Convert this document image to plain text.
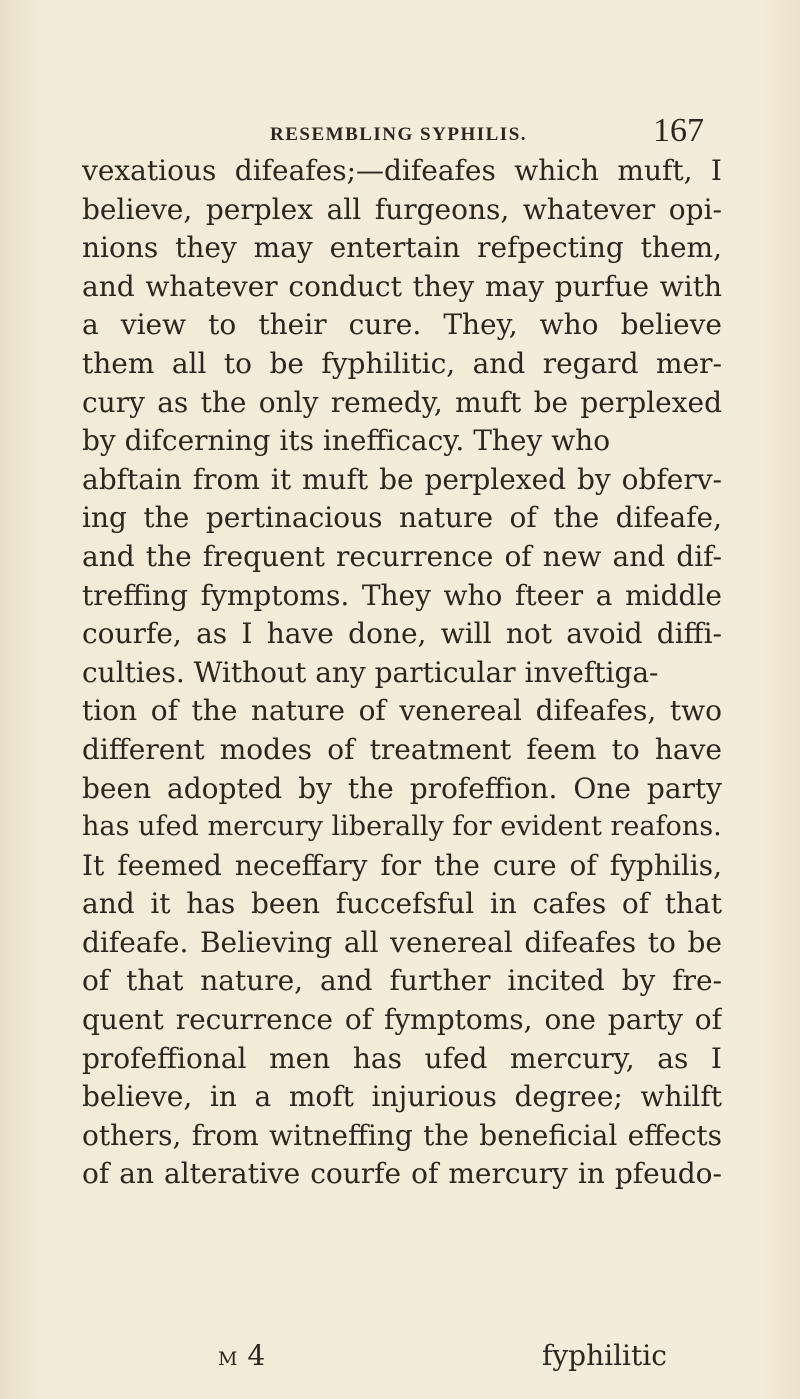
RESEMBLING SYPHILIS.	167
vexatious difeafes;—difeafes which muft, I
believe, perplex all furgeons, whatever opi-
nions they may entertain refpecting them,
and whatever conduct they may purfue with
a view to their cure. They, who believe
them all to be fyphilitic, and regard mer-
cury as the only remedy, muft be perplexed
by difcerning its inefficacy. They who
abftain from it muft be perplexed by obferv-
ing the pertinacious nature of the difeafe,
and the frequent recurrence of new and dif-
treffing fymptoms. They who fteer a middle
courfe, as I have done, will not avoid diffi-
culties. Without any particular inveftiga-
tion of the nature of venereal difeafes, two
different modes of treatment feem to have
been adopted by the profeffion. One party
has ufed mercury liberally for evident reafons.
It feemed neceffary for the cure of fyphilis,
and it has been fuccefsful in cafes of that
difeafe. Believing all venereal difeafes to be
of that nature, and further incited by fre-
quent recurrence of fymptoms, one party of
profeffional men has ufed mercury, as I
believe, in a moft injurious degree; whilft
others, from witneffing the beneficial effects
of an alterative courfe of mercury in pfeudo-
M 4	fyphilitic
